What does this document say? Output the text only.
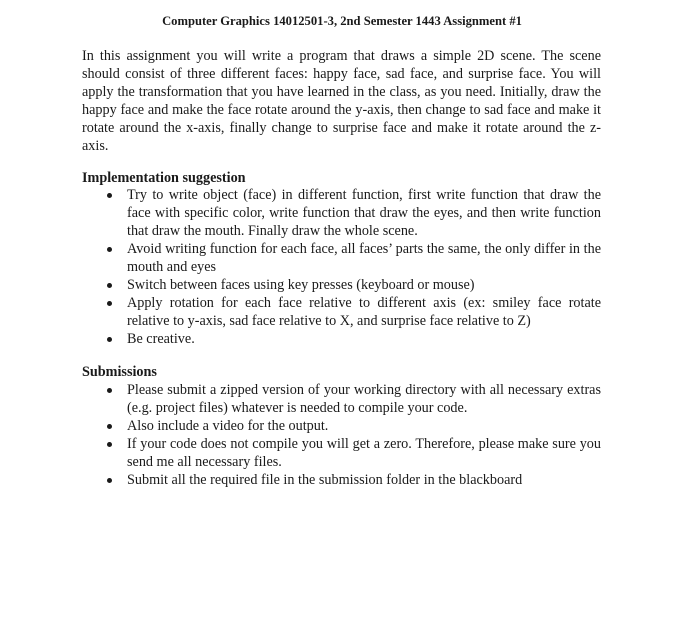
Computer Graphics 14012501-3, 2nd Semester 1443 Assignment #1

In this assignment you will write a program that draws a simple 2D scene. The scene should consist of three different faces: happy face, sad face, and surprise face. You will apply the transformation that you have learned in the class, as you need. Initially, draw the happy face and make the face rotate around the y-axis, then change to sad face and make it rotate around the x-axis, finally change to surprise face and make it rotate around the z-axis.

Implementation suggestion

Try to write object (face) in different function, first write function that draw the face with specific color, write function that draw the eyes, and then write function that draw the mouth. Finally draw the whole scene.
Avoid writing function for each face, all faces’ parts the same, the only differ in the mouth and eyes
Switch between faces using key presses (keyboard or mouse)
Apply rotation for each face relative to different axis (ex: smiley face rotate relative to y-axis, sad face relative to X, and surprise face relative to Z)
Be creative.

Submissions

Please submit a zipped version of your working directory with all necessary extras (e.g. project files) whatever is needed to compile your code.
Also include a video for the output.
If your code does not compile you will get a zero. Therefore, please make sure you send me all necessary files.
Submit all the required file in the submission folder in the blackboard
